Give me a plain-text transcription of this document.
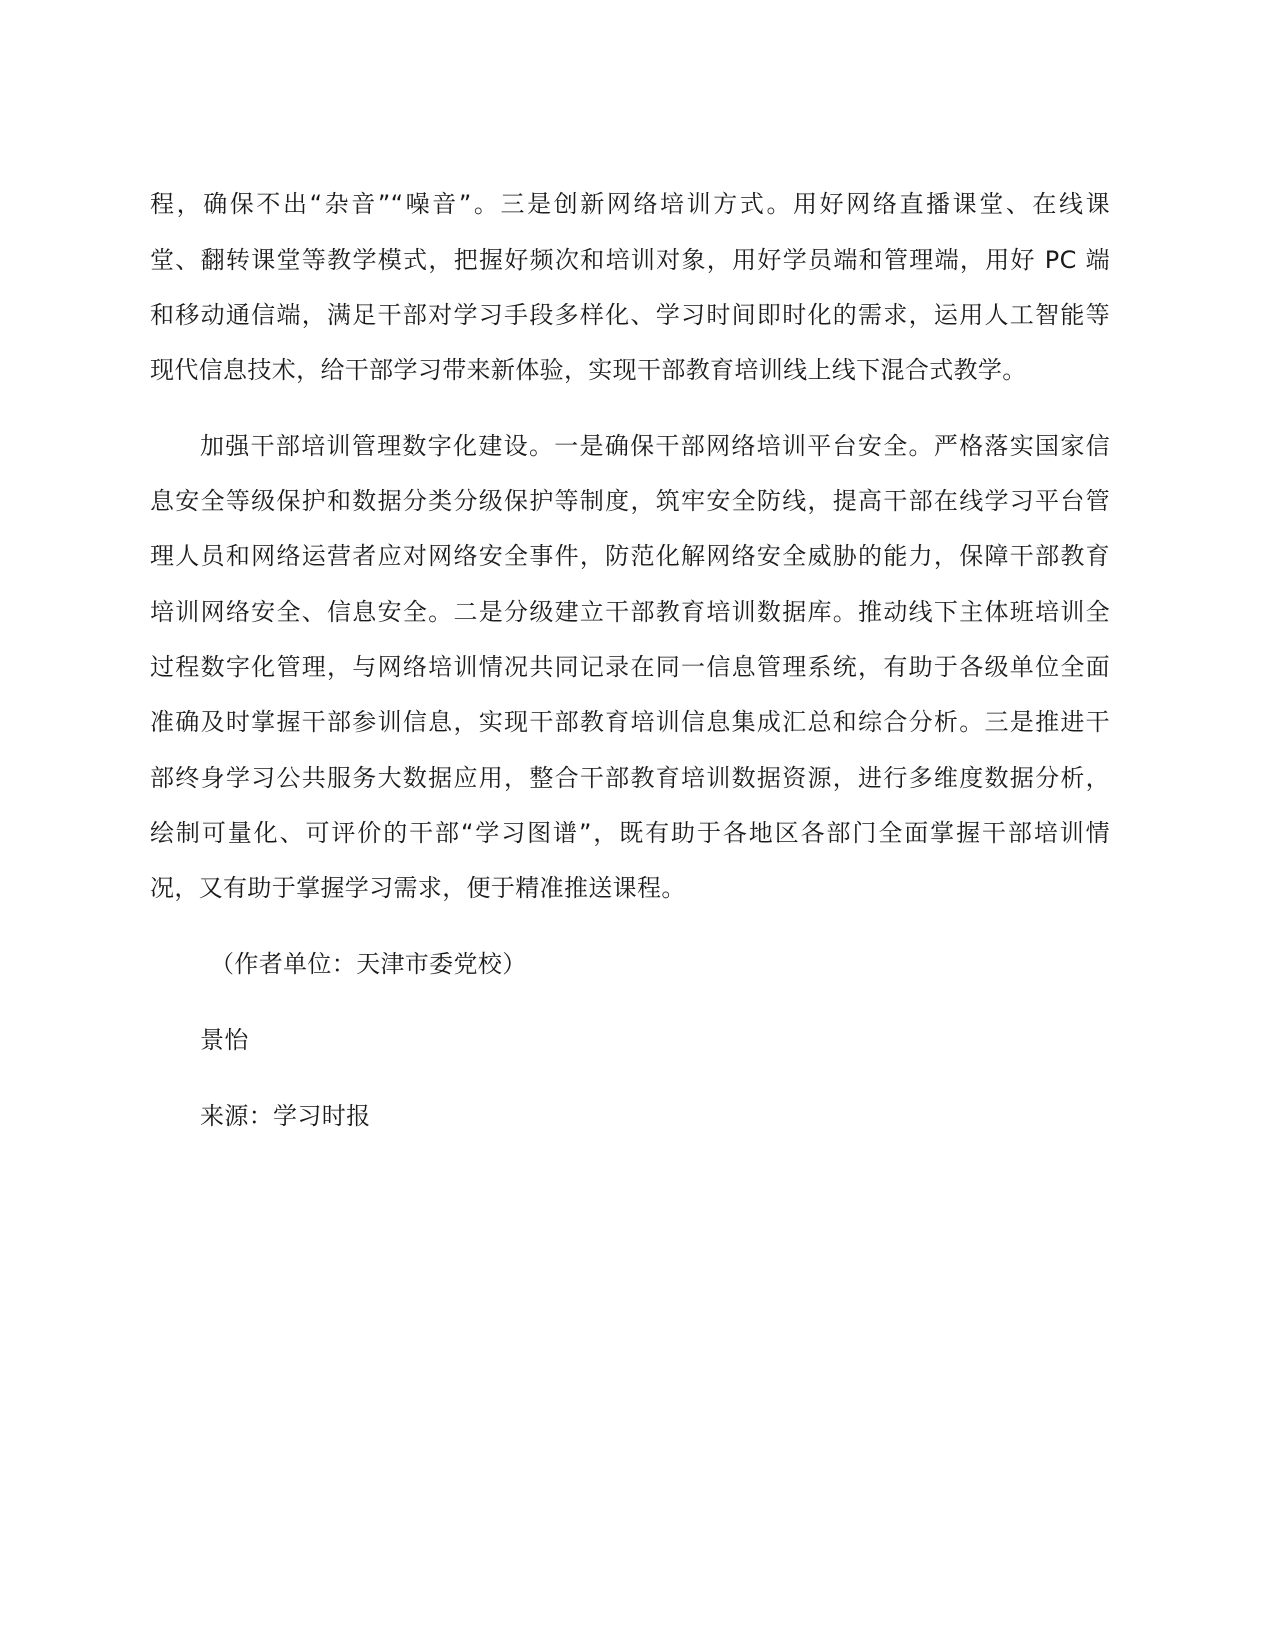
程，确保不出“杂音”“噪音”。三是创新网络培训方式。用好网络直播课堂、在线课
堂、翻转课堂等教学模式，把握好频次和培训对象，用好学员端和管理端，用好 PC 端
和移动通信端，满足干部对学习手段多样化、学习时间即时化的需求，运用人工智能等
现代信息技术，给干部学习带来新体验，实现干部教育培训线上线下混合式教学。
加强干部培训管理数字化建设。一是确保干部网络培训平台安全。严格落实国家信
息安全等级保护和数据分类分级保护等制度，筑牢安全防线，提高干部在线学习平台管
理人员和网络运营者应对网络安全事件，防范化解网络安全威胁的能力，保障干部教育
培训网络安全、信息安全。二是分级建立干部教育培训数据库。推动线下主体班培训全
过程数字化管理，与网络培训情况共同记录在同一信息管理系统，有助于各级单位全面
准确及时掌握干部参训信息，实现干部教育培训信息集成汇总和综合分析。三是推进干
部终身学习公共服务大数据应用，整合干部教育培训数据资源，进行多维度数据分析，
绘制可量化、可评价的干部“学习图谱”，既有助于各地区各部门全面掌握干部培训情
况，又有助于掌握学习需求，便于精准推送课程。
（作者单位：天津市委党校）
景怡
来源：学习时报
